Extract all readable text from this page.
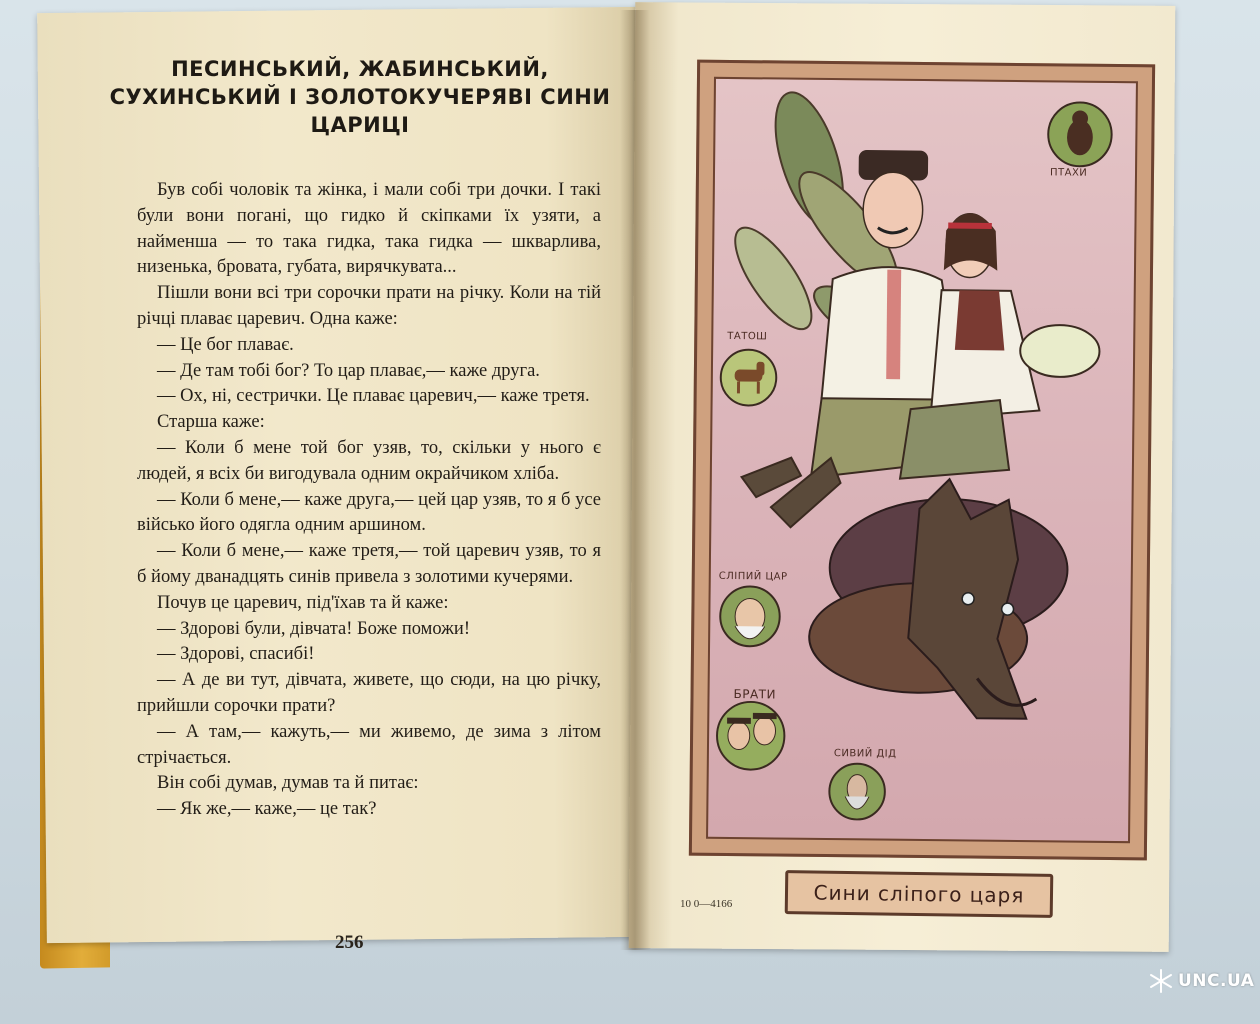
ПЕСИНСЬКИЙ, ЖАБИНСЬКИЙ,
СУХИНСЬКИЙ І ЗОЛОТОКУЧЕРЯВІ СИНИ
ЦАРИЦІ

Був собі чоловік та жінка, і мали собі три дочки. І такі були вони погані, що гидко й скіпками їх узяти, а найменша — то така гидка, така гидка — шкварлива, низенька, бровата, губата, вирячкувата...

Пішли вони всі три сорочки прати на річку. Коли на тій річці плаває царевич. Одна каже:

— Це бог плаває.

— Де там тобі бог? То цар плаває,— каже друга.

— Ох, ні, сестрички. Це плаває царевич,— каже третя.

Старша каже:

— Коли б мене той бог узяв, то, скільки у нього є людей, я всіх би вигодувала одним окрайчиком хліба.

— Коли б мене,— каже друга,— цей цар узяв, то я б усе військо його одягла одним аршином.

— Коли б мене,— каже третя,— той царевич узяв, то я б йому дванадцять синів привела з золотими кучерями.

Почув це царевич, під'їхав та й каже:

— Здорові були, дівчата! Боже поможи!

— Здорові, спасибі!

— А де ви тут, дівчата, живете, що сюди, на цю річку, прийшли сорочки прати?

— А там,— кажуть,— ми живемо, де зима з літом стрічається.

Він собі думав, думав та й питає:

— Як же,— каже,— це так?

256
ПТАХИ
ТАТОШ
СЛІПИЙ ЦАР
БРАТИ
СИВИЙ ДІД
10 0—4166	Сини сліпого царя
UNC.UA
